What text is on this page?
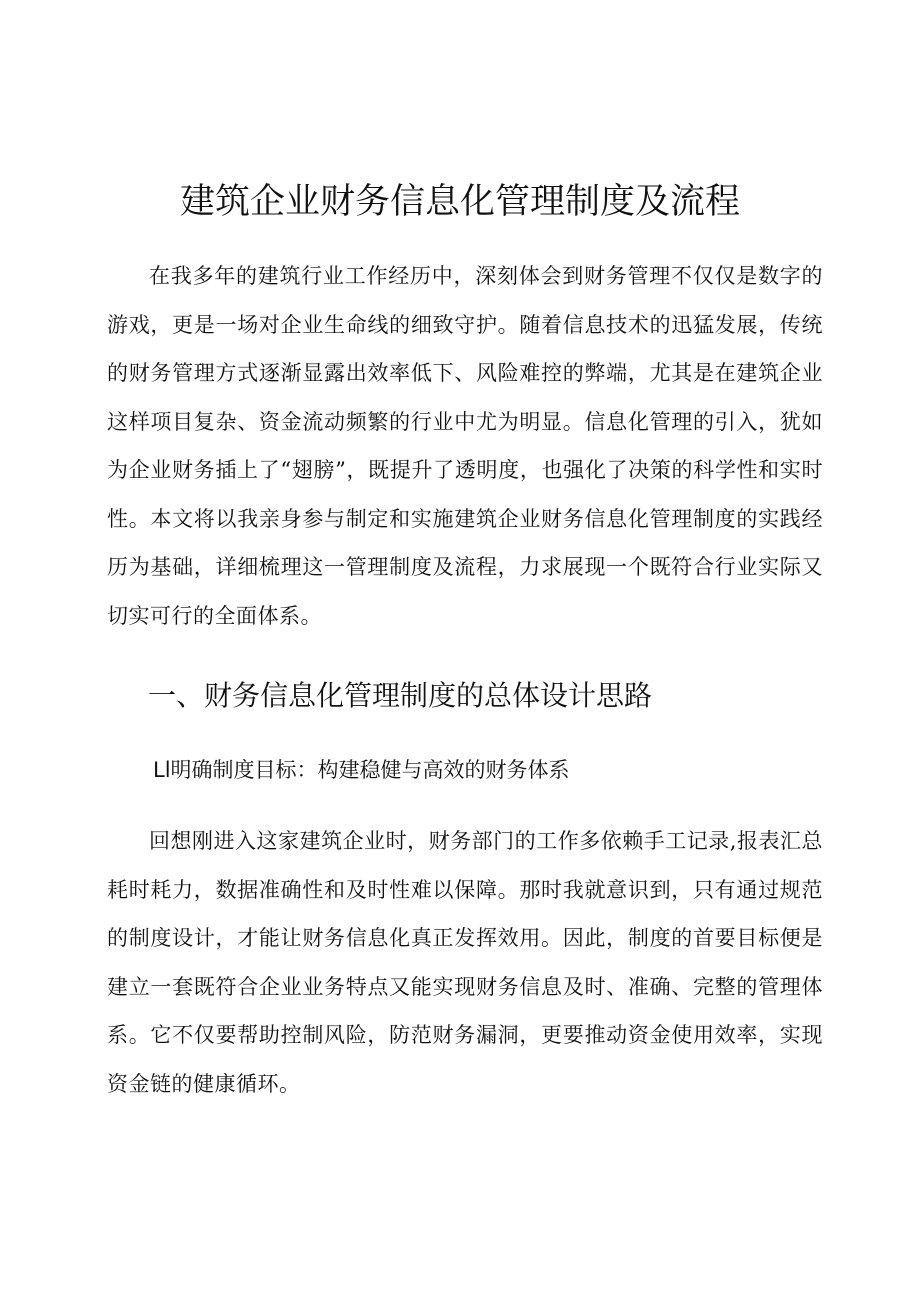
建筑企业财务信息化管理制度及流程

在我多年的建筑行业工作经历中，深刻体会到财务管理不仅仅是数字的游戏，更是一场对企业生命线的细致守护。随着信息技术的迅猛发展，传统的财务管理方式逐渐显露出效率低下、风险难控的弊端，尤其是在建筑企业这样项目复杂、资金流动频繁的行业中尤为明显。信息化管理的引入，犹如为企业财务插上了“翅膀”，既提升了透明度，也强化了决策的科学性和实时性。本文将以我亲身参与制定和实施建筑企业财务信息化管理制度的实践经历为基础，详细梳理这一管理制度及流程，力求展现一个既符合行业实际又切实可行的全面体系。

一、财务信息化管理制度的总体设计思路
Ll明确制度目标：构建稳健与高效的财务体系

回想刚进入这家建筑企业时，财务部门的工作多依赖手工记录,报表汇总耗时耗力，数据准确性和及时性难以保障。那时我就意识到，只有通过规范的制度设计，才能让财务信息化真正发挥效用。因此，制度的首要目标便是建立一套既符合企业业务特点又能实现财务信息及时、准确、完整的管理体系。它不仅要帮助控制风险，防范财务漏洞，更要推动资金使用效率，实现资金链的健康循环。
